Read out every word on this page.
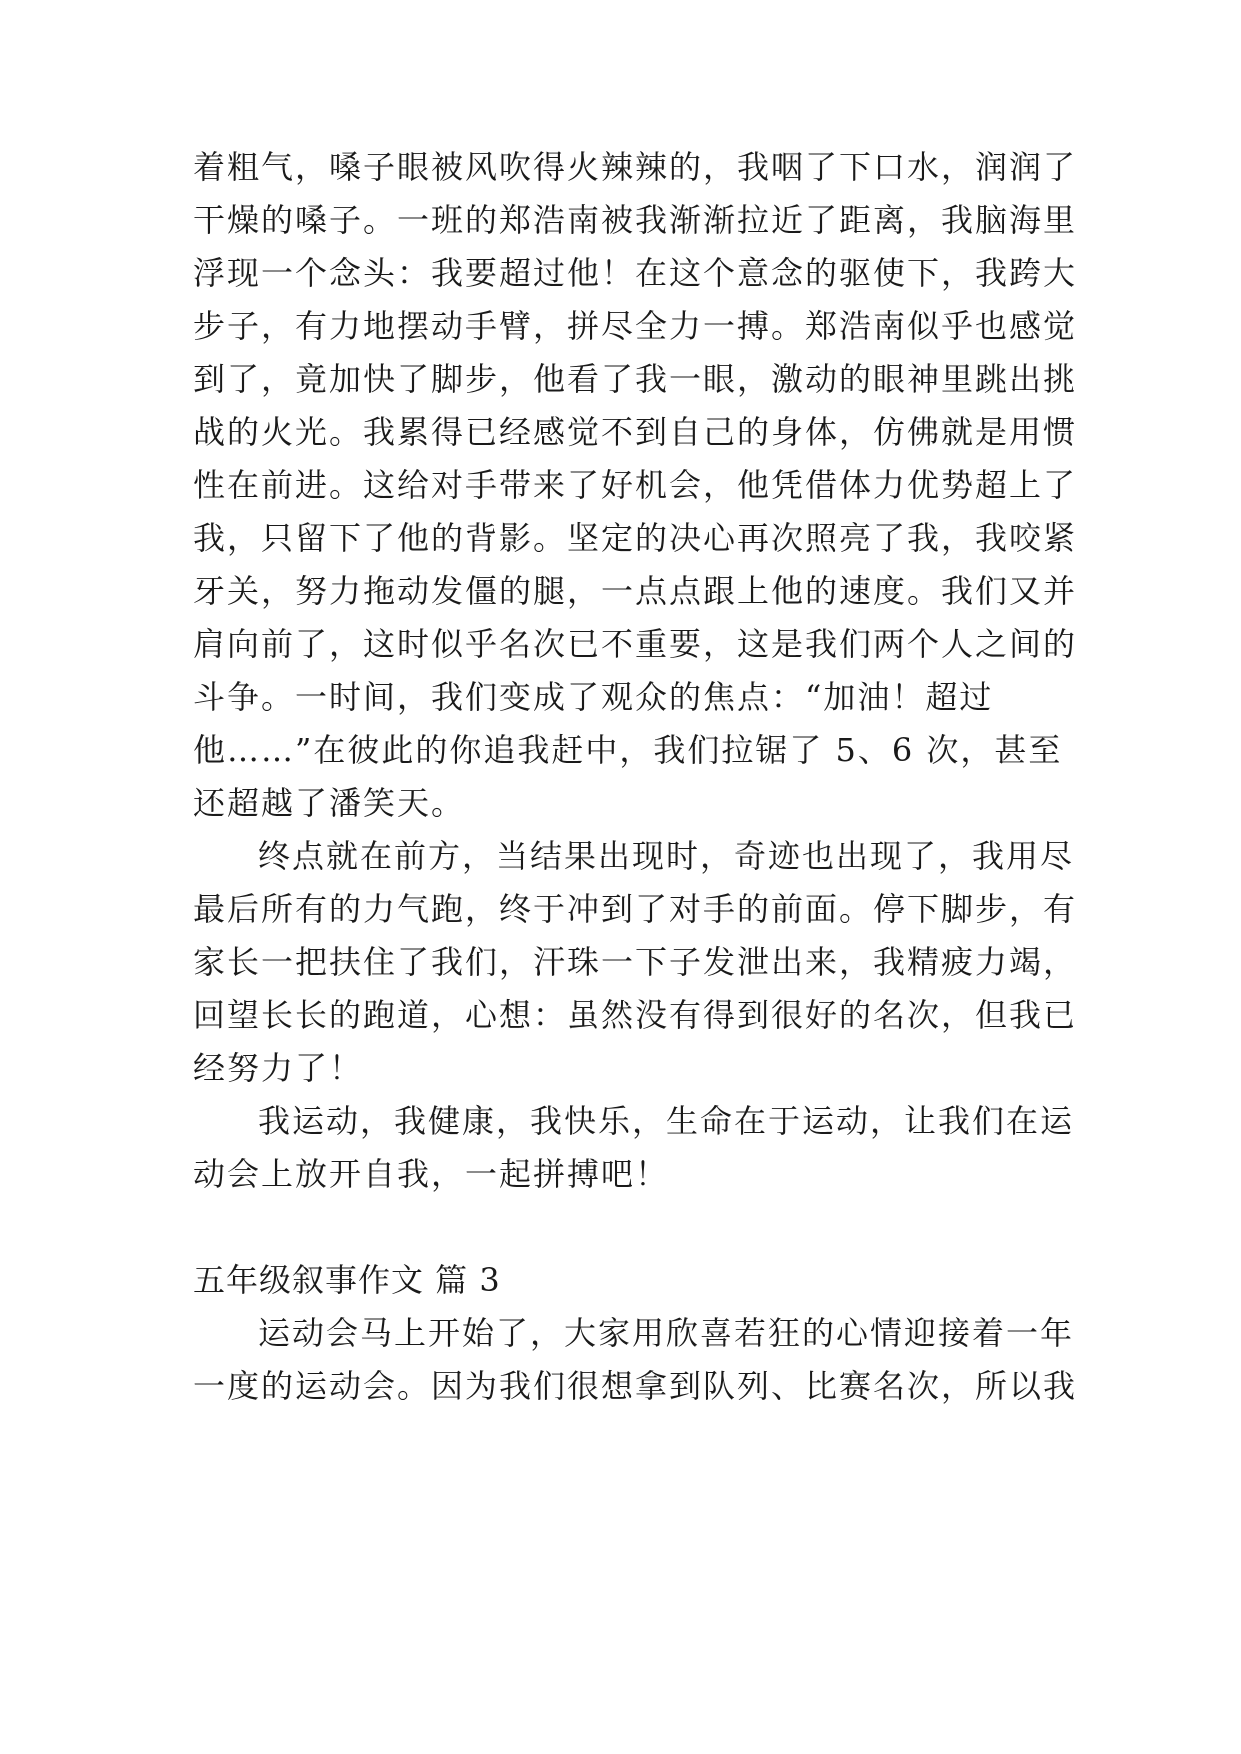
着粗气，嗓子眼被风吹得火辣辣的，我咽了下口水，润润了
干燥的嗓子。一班的郑浩南被我渐渐拉近了距离，我脑海里
浮现一个念头：我要超过他！在这个意念的驱使下，我跨大
步子，有力地摆动手臂，拼尽全力一搏。郑浩南似乎也感觉
到了，竟加快了脚步，他看了我一眼，激动的眼神里跳出挑
战的火光。我累得已经感觉不到自己的身体，仿佛就是用惯
性在前进。这给对手带来了好机会，他凭借体力优势超上了
我，只留下了他的背影。坚定的决心再次照亮了我，我咬紧
牙关，努力拖动发僵的腿，一点点跟上他的速度。我们又并
肩向前了，这时似乎名次已不重要，这是我们两个人之间的
斗争。一时间，我们变成了观众的焦点：“加油！超过
他……”在彼此的你追我赶中，我们拉锯了 5、6 次，甚至
还超越了潘笑天。
终点就在前方，当结果出现时，奇迹也出现了，我用尽
最后所有的力气跑，终于冲到了对手的前面。停下脚步，有
家长一把扶住了我们，汗珠一下子发泄出来，我精疲力竭，
回望长长的跑道，心想：虽然没有得到很好的名次，但我已
经努力了！
我运动，我健康，我快乐，生命在于运动，让我们在运
动会上放开自我，一起拼搏吧！
五年级叙事作文 篇 3
运动会马上开始了，大家用欣喜若狂的心情迎接着一年
一度的运动会。因为我们很想拿到队列、比赛名次，所以我
